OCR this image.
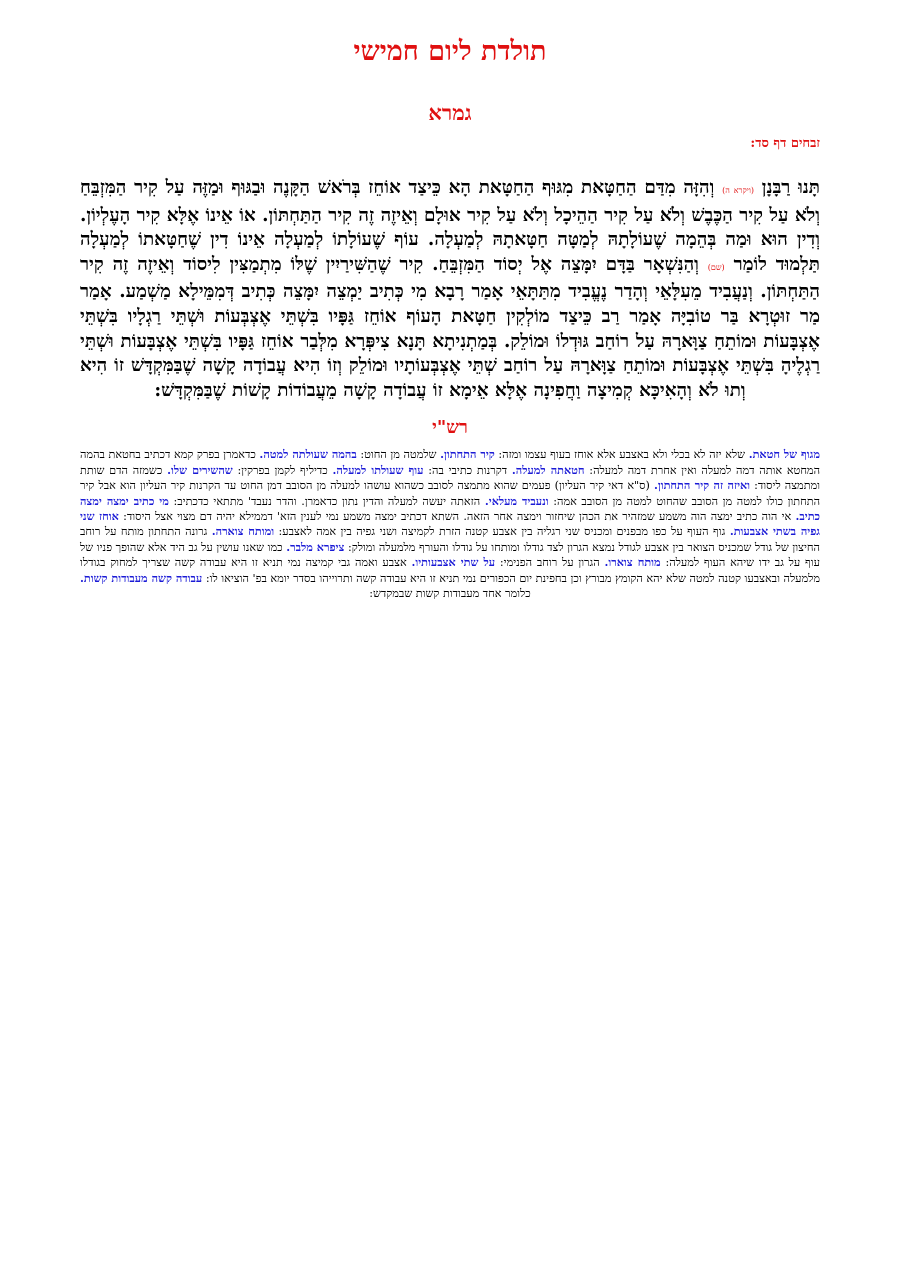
תולדת ליום חמישי
גמרא
זבחים דף סד:

תָּנוּ רַבָּנָן (ויקרא ה) וְהִזָּה מִדַּם הַחַטָּאת מִגּוּף הַחַטָּאת הָא כֵּיצַד אוֹחֵז בְּרֹאשׁ הַקָּנֶה וּבַגּוּף וּמַזֶּה עַל קִיר הַמִּזְבֵּחַ וְלֹא עַל קִיר הַכֶּבֶשׁ וְלֹא עַל קִיר הַהֵיכָל וְלֹא עַל קִיר אוּלָם וְאֵיזֶה זֶה קִיר הַתַּחְתּוֹן. אוֹ אֵינוֹ אֶלָּא קִיר הָעֶלְיוֹן. וְדִין הוּא וּמַה בְּהֵמָה שֶׁעוֹלָתָהּ לְמַטָּה חַטָּאתָהּ לְמַעְלָה. עוֹף שֶׁעוֹלָתוֹ לְמַעְלָה אֵינוֹ דִין שֶׁחַטָּאתוֹ לְמַעְלָה תַּלְמוּד לוֹמַר (שם) וְהַנִּשְׁאָר בַּדָּם יִמָּצֵה אֶל יְסוֹד הַמִּזְבֵּחַ. קִיר שֶׁהַשִּׁירַיִין שֶׁלּוֹ מִתְמַצִּין לִיסוֹד וְאֵיזֶה זֶה קִיר הַתַּחְתּוֹן. וְנַעֲבִיד מֵעִלָּאֵי וְהָדַר נֶעֱבִיד מִתַּתָּאֵי אָמַר רָבָא מִי כְּתִיב יַמְצֵה יִמָּצֵה כְּתִיב דְּמִמֵּילָא מַשְׁמַע. אָמַר מַר זוּטְרָא בַּר טוֹבִיָּה אָמַר רַב כֵּיצַד מוֹלְקִין חַטָּאת הָעוֹף אוֹחֵז גַּפָּיו בִּשְׁתֵּי אֶצְבְּעוֹת וּשְׁתֵּי רַגְלָיו בִּשְׁתֵּי אֶצְבָּעוֹת וּמוֹתֵחַ צַוָּארָהּ עַל רוֹחַב גּוּדְלוֹ וּמוֹלֵק. בְּמַתְנִיתָא תָּנָא צִיפְּרָא מִלְּבַר אוֹחֵז גַּפָּיו בִּשְׁתֵּי אֶצְבָּעוֹת וּשְׁתֵּי רַגְלֶיהָ בִּשְׁתֵּי אֶצְבָּעוֹת וּמוֹתֵחַ צַוָּארָהּ עַל רוֹחַב שְׁתֵּי אֶצְבְּעוֹתָיו וּמוֹלֵק וְזוֹ הִיא עֲבוֹדָה קָשָׁה שֶׁבַּמִּקְדָּשׁ זוֹ הִיא וְתוּ לֹא וְהָאִיכָּא קְמִיצָה וַחֲפִינָה אֶלָּא אֵימָא זוֹ עֲבוֹדָה קָשָׁה מֵעֲבוֹדוֹת קָשׁוֹת שֶׁבַּמִּקְדָּשׁ:

רש"י

מגוף של חטאת. שלא יזה לא בכלי ולא באצבע אלא אוחז בעוף עצמו ומזה: קיר התחתון. שלמטה מן החוט: בהמה שעולתה למטה. כדאמרן בפרק קמא דכתיב בחטאת בהמה המחטא אותה דמה למעלה ואין אחרת דמה למעלה: חטאתה למעלה. דקרנות כתיבי בה: עוף שעולתו למעלה. כדיליף לקמן בפרקין: שהשירים שלו. כשמזה הדם שותת ומתמצה ליסוד: ואיזה זה קיר התחתון. (ס"א דאי קיר העליון) פעמים שהוא מתמצה לסובב כשהוא עושהו למעלה מן הסובב דמן החוט עד הקרנות קיר העליון הוא אבל קיר התחתון כולו למטה מן הסובב שהחוט למטה מן הסובב אמה: ונעביד מעלאי. הזאתה יעשה למעלה והדין נתון כדאמרן. והדר נעבד' מתתאי כדכתיב: מי כתיב ימצה ימצה כתיב. אי הוה כתיב ימצה הוה משמע שמזהיר את הכהן שיחזור וימצה אחר הזאה. השתא דכתיב ימצה משמע נמי לענין הזא' דממילא יהיה דם מצוי אצל היסוד: אוחז שני גפיה בשתי אצבעות. גוף העוף על כפו מבפנים ומכניס שני רגליה בין אצבע קטנה הזרת לקמיצה ושני גפיה בין אמה לאצבע: ומותח צוארה. גרונה התחתון מותח על רוחב החיצון של גודל שמכניס הצואר בין אצבע לגודל נמצא הגרון לצד גודלו ומותחו על גודלו והעורף מלמעלה ומולק: ציפרא מלבר. כמו שאנו עושין על גב היד אלא שהופך פניו של עוף על גב ידו שיהא העוף למעלה: מותח צוארו. הגרון על רוחב הפנימי: על שתי אצבעותיו. אצבע ואמה גבי קמיצה נמי תניא זו היא עבודה קשה שצריך למחוק בגודלו מלמעלה ובאצבעו קטנה למטה שלא יהא הקומץ מבורץ וכן בחפינת יום הכפורים נמי תניא זו היא עבודה קשה ותרוייהו בסדר יומא בפ' הוציאו לו: עבודה קשה מעבודות קשות. כלומר אחד מעבודות קשות שבמקדש:
